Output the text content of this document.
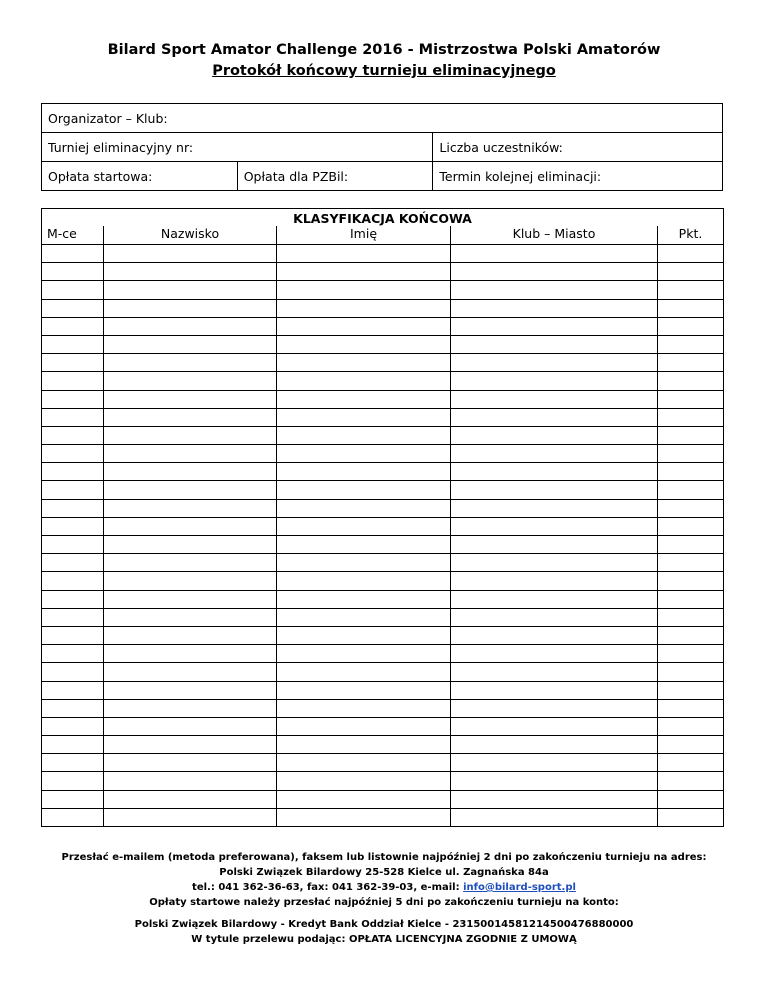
Bilard Sport Amator Challenge 2016 - Mistrzostwa Polski Amatorów
Protokół końcowy turnieju eliminacyjnego
Organizator – Klub:		
Turniej eliminacyjny nr:		Liczba uczestników:
Opłata startowa:	Opłata dla PZBil:	Termin kolejnej eliminacji:
KLASYFIKACJA KOŃCOWA				
M-ce	Nazwisko	Imię	Klub – Miasto	Pkt.

Przesłać e-mailem (metoda preferowana), faksem lub listownie najpóźniej 2 dni po zakończeniu turnieju na adres:
Polski Związek Bilardowy 25-528 Kielce ul. Zagnańska 84a
tel.: 041 362-36-63, fax: 041 362-39-03, e-mail: info@bilard-sport.pl
Opłaty startowe należy przesłać najpóźniej 5 dni po zakończeniu turnieju na konto:
Polski Związek Bilardowy - Kredyt Bank Oddział Kielce - 23150014581214500476880000
W tytule przelewu podając: OPŁATA LICENCYJNA ZGODNIE Z UMOWĄ
